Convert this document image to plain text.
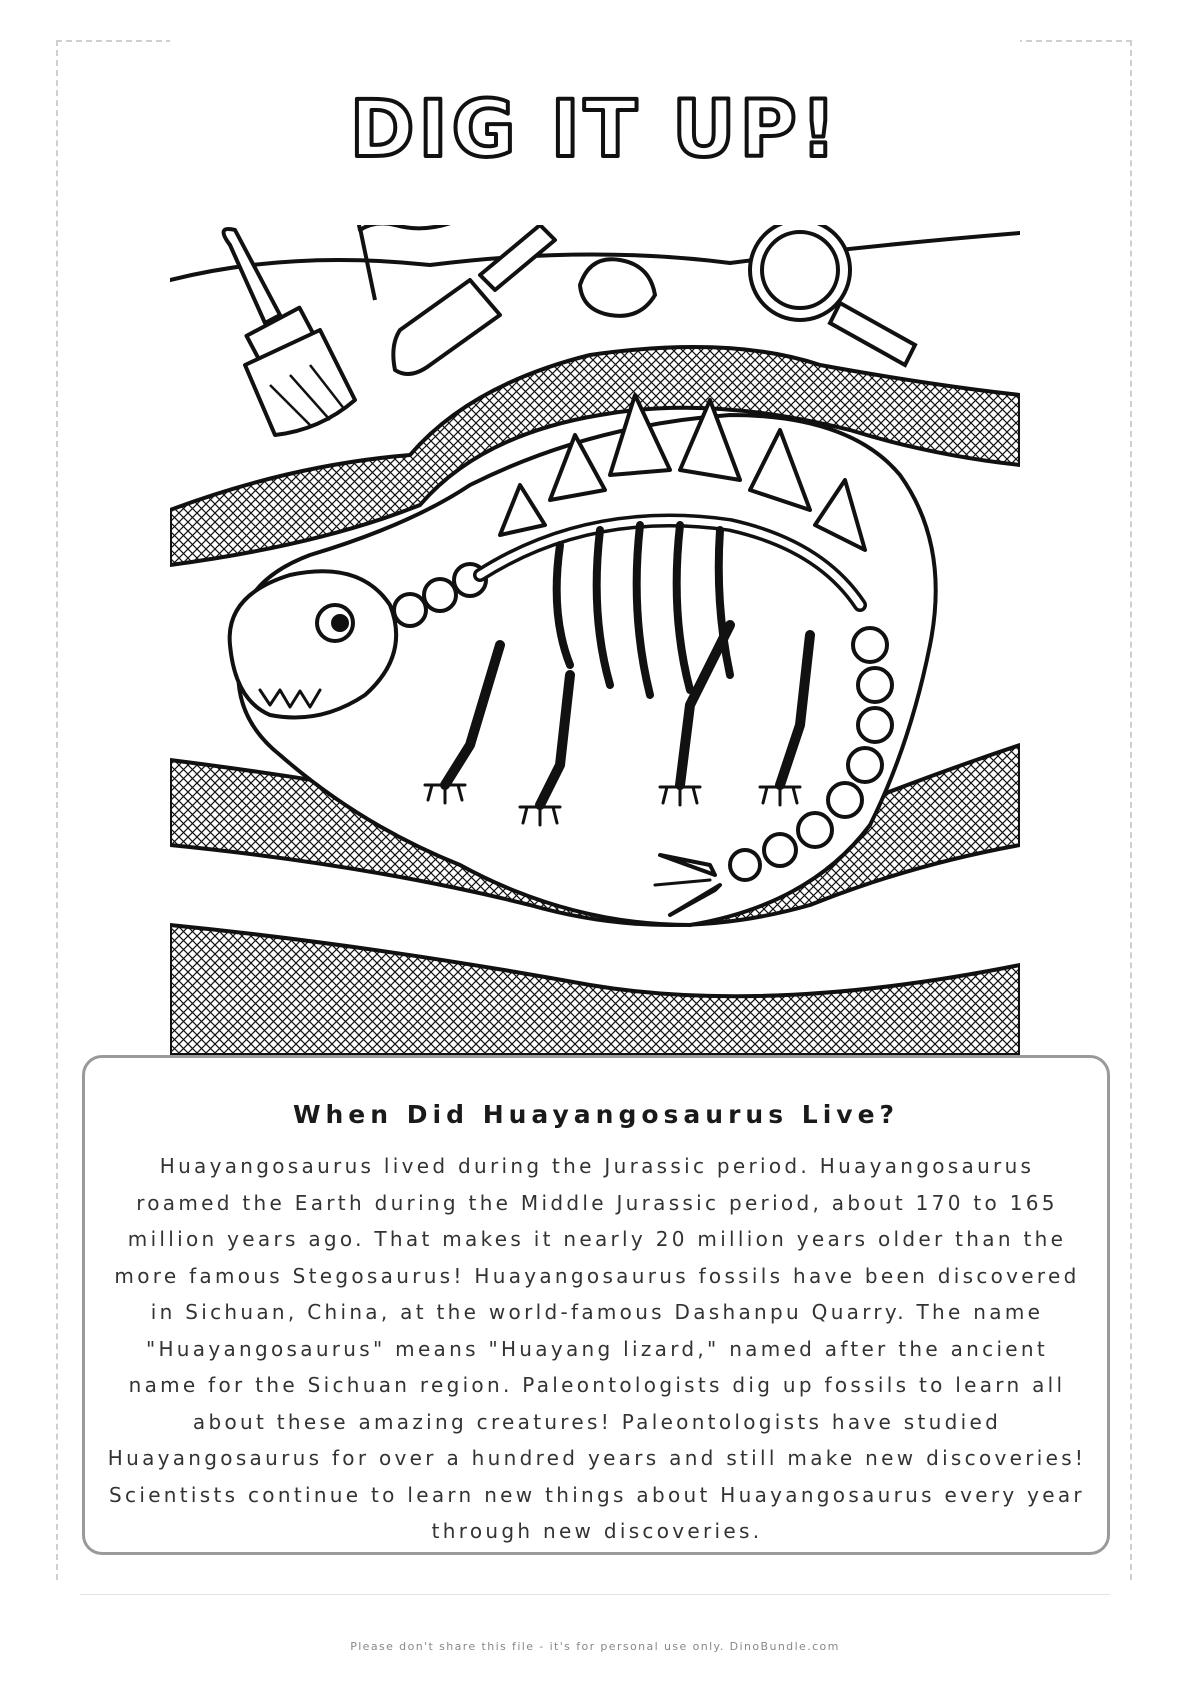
DIG IT UP!
When Did Huayangosaurus Live?
Huayangosaurus lived during the Jurassic period. Huayangosaurus roamed the Earth during the Middle Jurassic period, about 170 to 165 million years ago. That makes it nearly 20 million years older than the more famous Stegosaurus! Huayangosaurus fossils have been discovered in Sichuan, China, at the world-famous Dashanpu Quarry. The name "Huayangosaurus" means "Huayang lizard," named after the ancient name for the Sichuan region. Paleontologists dig up fossils to learn all about these amazing creatures! Paleontologists have studied Huayangosaurus for over a hundred years and still make new discoveries! Scientists continue to learn new things about Huayangosaurus every year through new discoveries.
Please don't share this file - it's for personal use only. DinoBundle.com
